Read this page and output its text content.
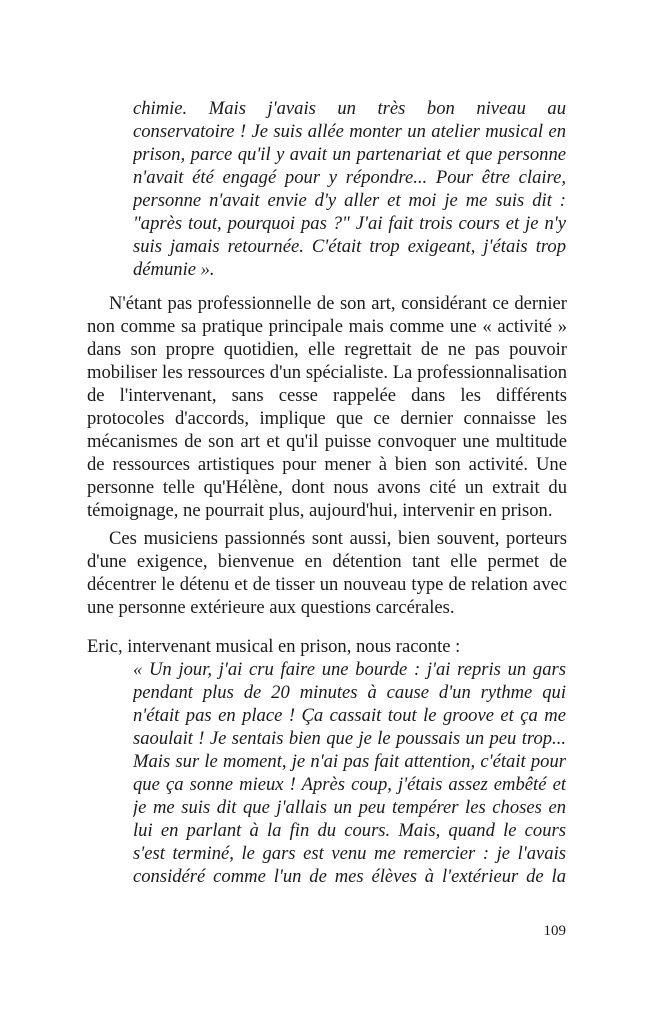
chimie. Mais j'avais un très bon niveau au
conservatoire ! Je suis allée monter un atelier musical en
prison, parce qu'il y avait un partenariat et que personne
n'avait été engagé pour y répondre... Pour être claire,
personne n'avait envie d'y aller et moi je me suis dit :
"après tout, pourquoi pas ?" J'ai fait trois cours et je n'y
suis jamais retournée. C'était trop exigeant, j'étais trop
démunie ».
N'étant pas professionnelle de son art, considérant ce dernier
non comme sa pratique principale mais comme une « activité »
dans son propre quotidien, elle regrettait de ne pas pouvoir
mobiliser les ressources d'un spécialiste. La professionnalisation
de l'intervenant, sans cesse rappelée dans les différents
protocoles d'accords, implique que ce dernier connaisse les
mécanismes de son art et qu'il puisse convoquer une multitude
de ressources artistiques pour mener à bien son activité. Une
personne telle qu'Hélène, dont nous avons cité un extrait du
témoignage, ne pourrait plus, aujourd'hui, intervenir en prison.
Ces musiciens passionnés sont aussi, bien souvent, porteurs
d'une exigence, bienvenue en détention tant elle permet de
décentrer le détenu et de tisser un nouveau type de relation avec
une personne extérieure aux questions carcérales.
Eric, intervenant musical en prison, nous raconte :
« Un jour, j'ai cru faire une bourde : j'ai repris un gars
pendant plus de 20 minutes à cause d'un rythme qui
n'était pas en place ! Ça cassait tout le groove et ça me
saoulait ! Je sentais bien que je le poussais un peu trop...
Mais sur le moment, je n'ai pas fait attention, c'était pour
que ça sonne mieux ! Après coup, j'étais assez embêté et
je me suis dit que j'allais un peu tempérer les choses en
lui en parlant à la fin du cours. Mais, quand le cours
s'est terminé, le gars est venu me remercier : je l'avais
considéré comme l'un de mes élèves à l'extérieur de la
109
